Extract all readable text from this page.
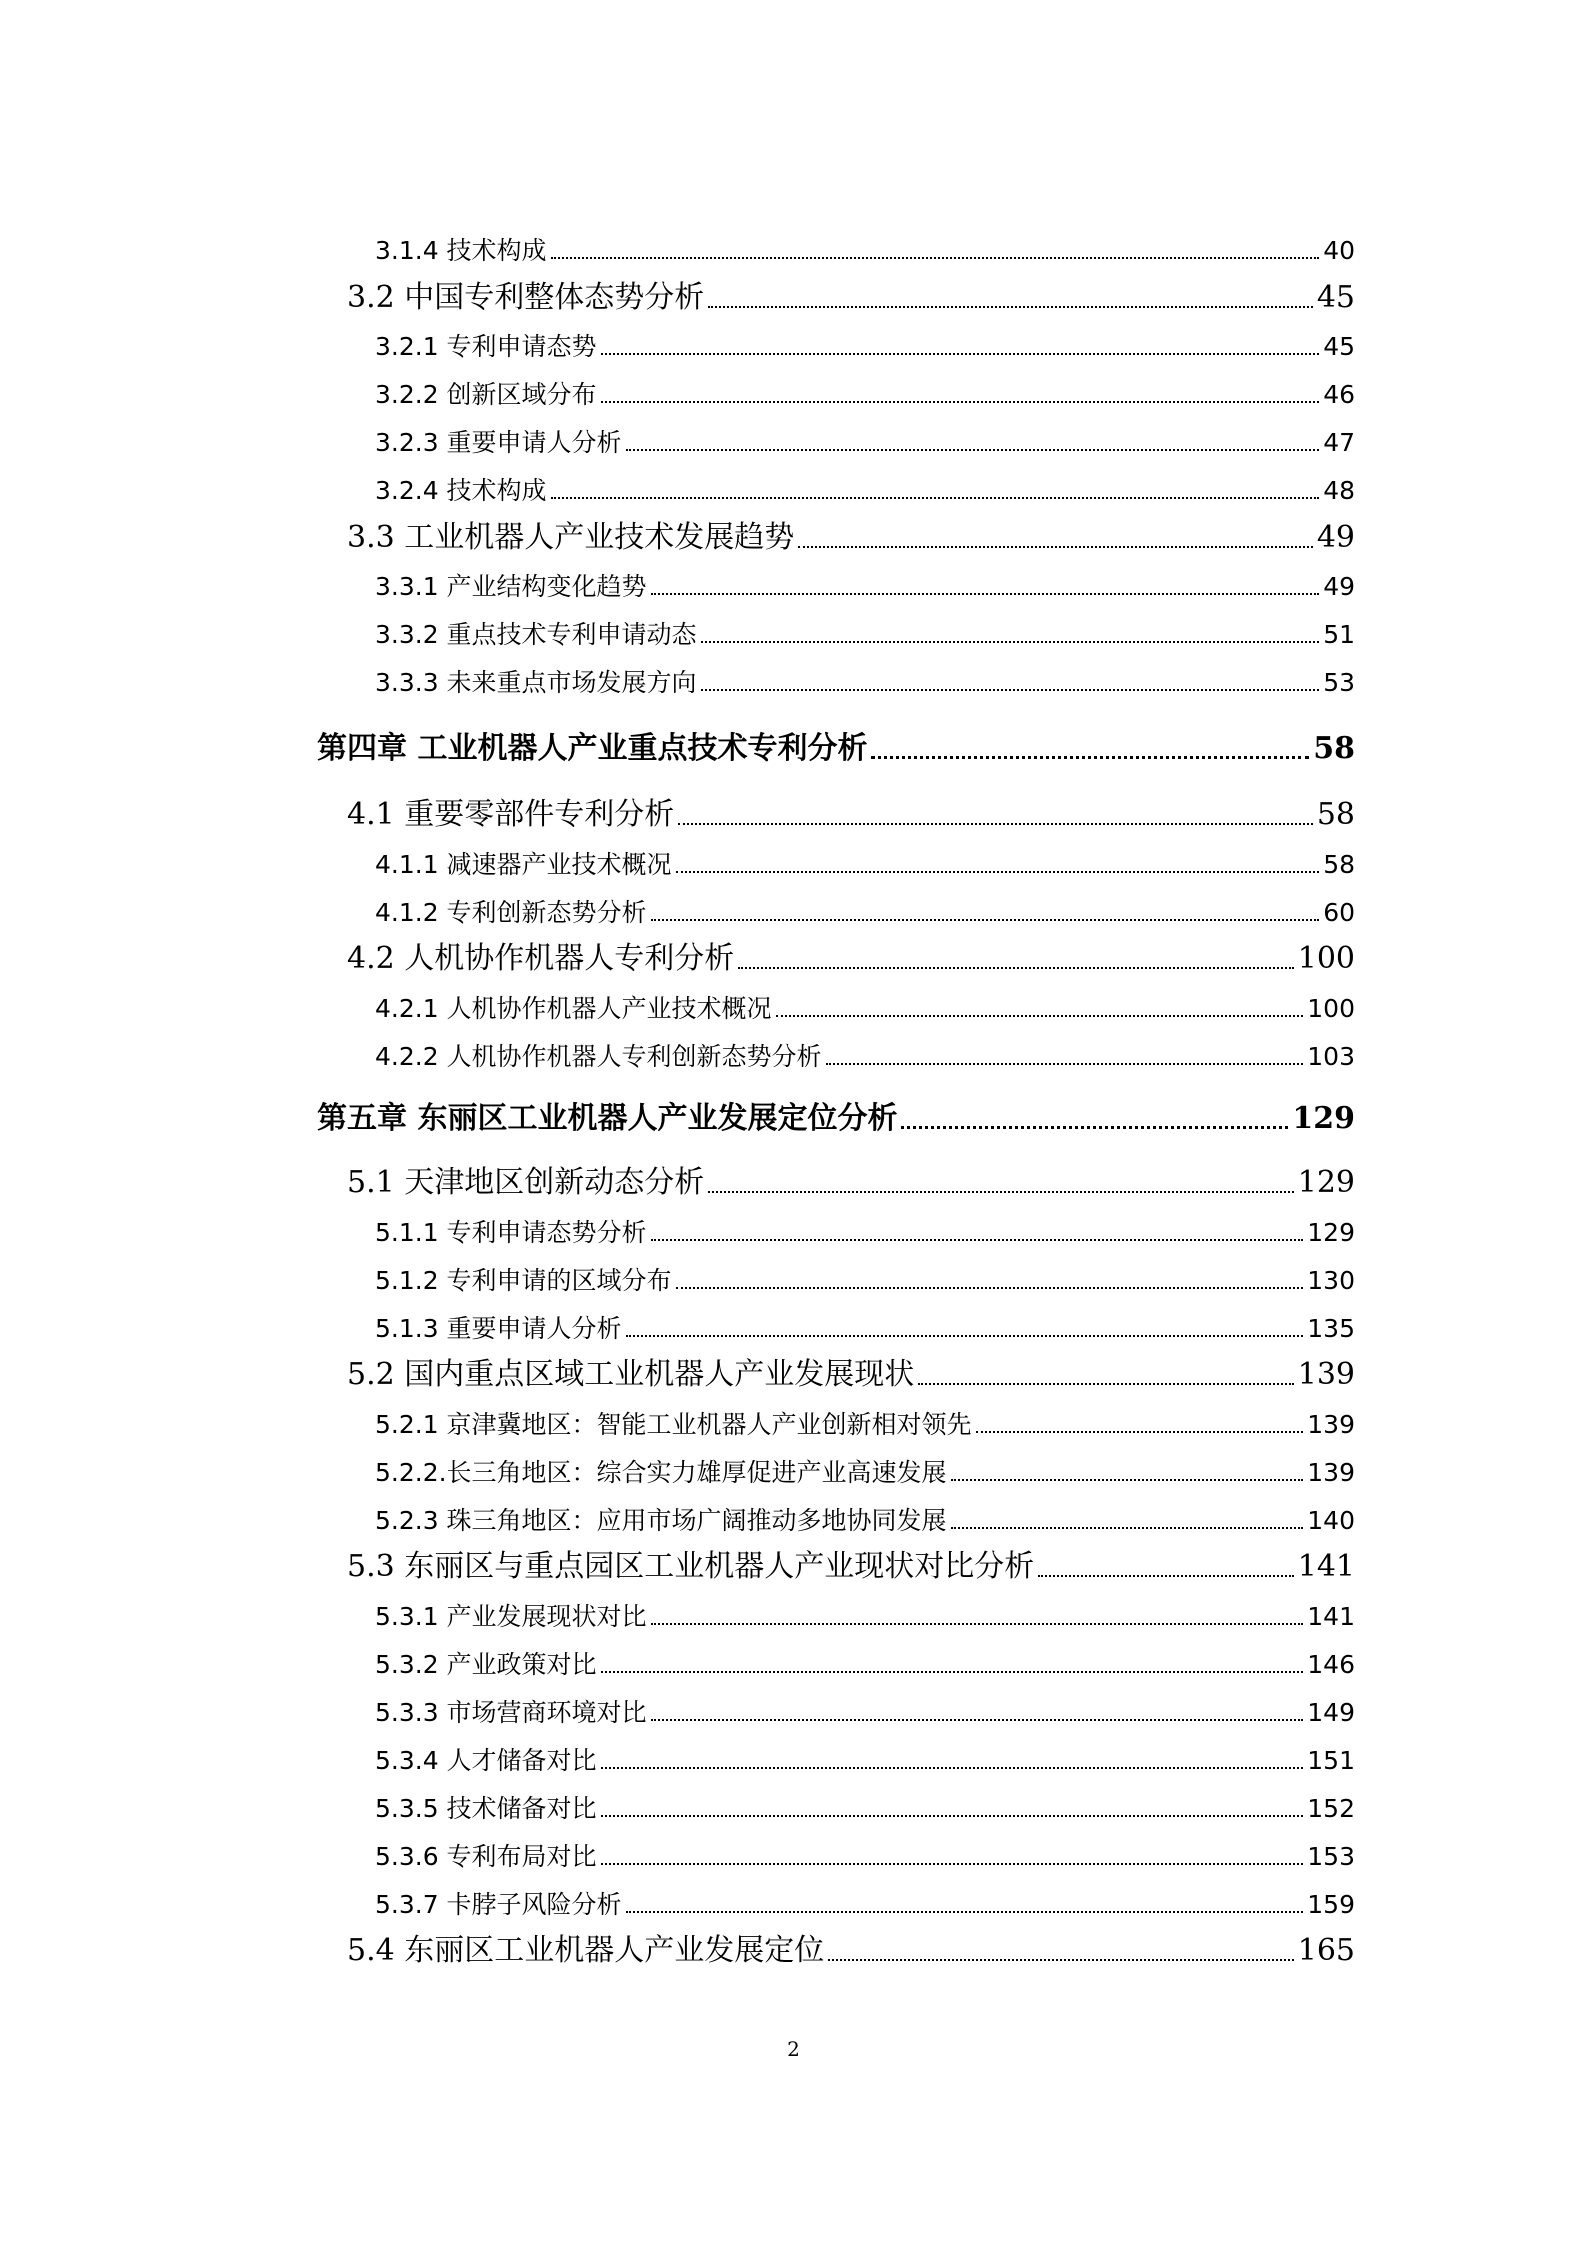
3.1.4 技术构成	40
3.2 中国专利整体态势分析	45
3.2.1 专利申请态势	45
3.2.2 创新区域分布	46
3.2.3 重要申请人分析	47
3.2.4 技术构成	48
3.3 工业机器人产业技术发展趋势	49
3.3.1 产业结构变化趋势	49
3.3.2 重点技术专利申请动态	51
3.3.3 未来重点市场发展方向	53
第四章 工业机器人产业重点技术专利分析	58
4.1 重要零部件专利分析	58
4.1.1 减速器产业技术概况	58
4.1.2 专利创新态势分析	60
4.2 人机协作机器人专利分析	100
4.2.1 人机协作机器人产业技术概况	100
4.2.2 人机协作机器人专利创新态势分析	103
第五章 东丽区工业机器人产业发展定位分析	129
5.1 天津地区创新动态分析	129
5.1.1 专利申请态势分析	129
5.1.2 专利申请的区域分布	130
5.1.3 重要申请人分析	135
5.2 国内重点区域工业机器人产业发展现状	139
5.2.1 京津冀地区：智能工业机器人产业创新相对领先	139
5.2.2.长三角地区：综合实力雄厚促进产业高速发展	139
5.2.3 珠三角地区：应用市场广阔推动多地协同发展	140
5.3 东丽区与重点园区工业机器人产业现状对比分析	141
5.3.1 产业发展现状对比	141
5.3.2 产业政策对比	146
5.3.3 市场营商环境对比	149
5.3.4 人才储备对比	151
5.3.5 技术储备对比	152
5.3.6 专利布局对比	153
5.3.7 卡脖子风险分析	159
5.4 东丽区工业机器人产业发展定位	165
2
